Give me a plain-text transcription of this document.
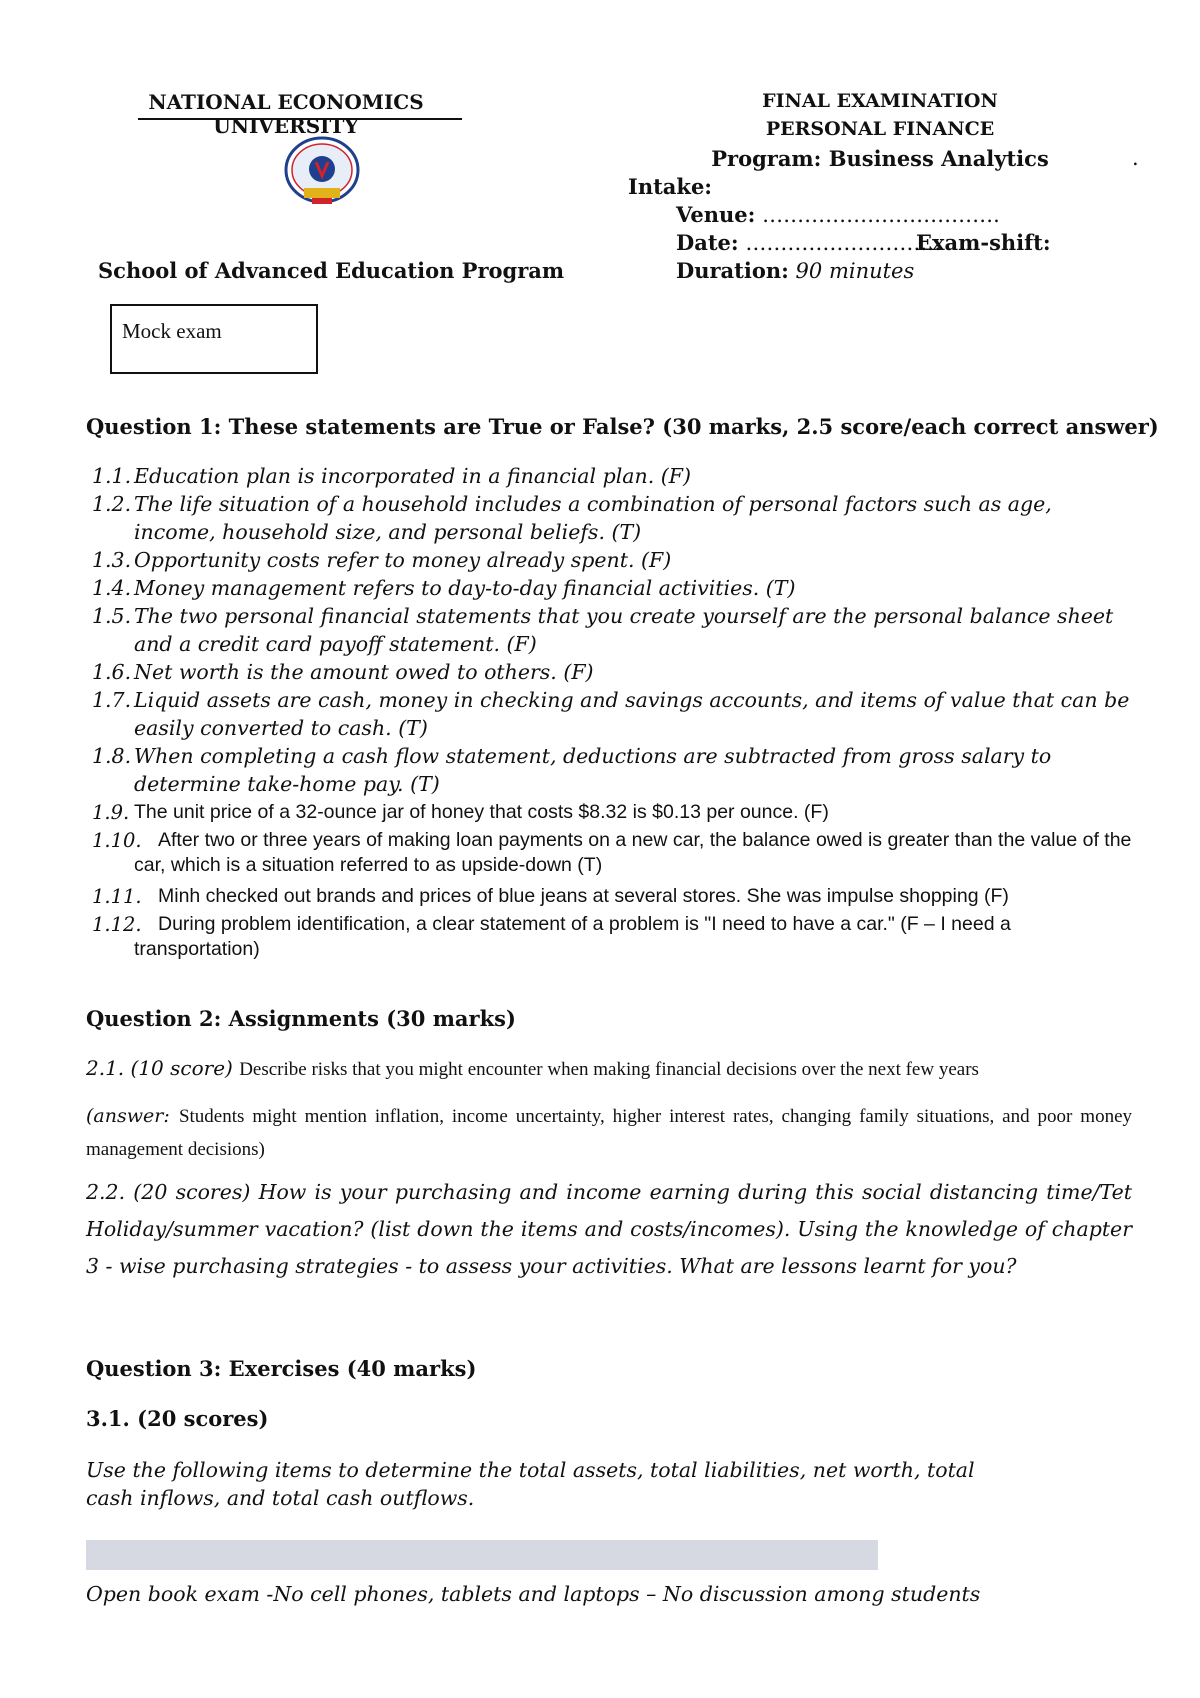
NATIONAL ECONOMICS UNIVERSITY
School of Advanced Education Program
Mock exam
FINAL EXAMINATION
PERSONAL FINANCE
Program: Business Analytics	.
Intake:
Venue: …………………………….
Date: ……………………….
Exam-shift:
Duration: 90 minutes
Question 1: These statements are True or False? (30 marks, 2.5 score/each correct answer)
1.1. Education plan is incorporated in a financial plan. (F)
1.2. The life situation of a household includes a combination of personal factors such as age, income, household size, and personal beliefs. (T)
1.3. Opportunity costs refer to money already spent. (F)
1.4. Money management refers to day-to-day financial activities. (T)
1.5. The two personal financial statements that you create yourself are the personal balance sheet and a credit card payoff statement. (F)
1.6. Net worth is the amount owed to others. (F)
1.7. Liquid assets are cash, money in checking and savings accounts, and items of value that can be easily converted to cash. (T)
1.8. When completing a cash flow statement, deductions are subtracted from gross salary to determine take-home pay. (T)
1.9. The unit price of a 32-ounce jar of honey that costs $8.32 is $0.13 per ounce. (F)
1.10. After two or three years of making loan payments on a new car, the balance owed is greater than the value of the car, which is a situation referred to as upside-down (T)
1.11. Minh checked out brands and prices of blue jeans at several stores. She was impulse shopping (F)
1.12. During problem identification, a clear statement of a problem is "I need to have a car." (F – I need a transportation)
Question 2: Assignments (30 marks)
2.1. (10 score) Describe risks that you might encounter when making financial decisions over the next few years
(answer: Students might mention inflation, income uncertainty, higher interest rates, changing family situations, and poor money management decisions)
2.2. (20 scores) How is your purchasing and income earning during this social distancing time/Tet Holiday/summer vacation? (list down the items and costs/incomes). Using the knowledge of chapter 3 - wise purchasing strategies - to assess your activities. What are lessons learnt for you?
Question 3: Exercises (40 marks)
3.1. (20 scores)
Use the following items to determine the total assets, total liabilities, net worth, total cash inflows, and total cash outflows.
Open book exam -No cell phones, tablets and laptops – No discussion among students
